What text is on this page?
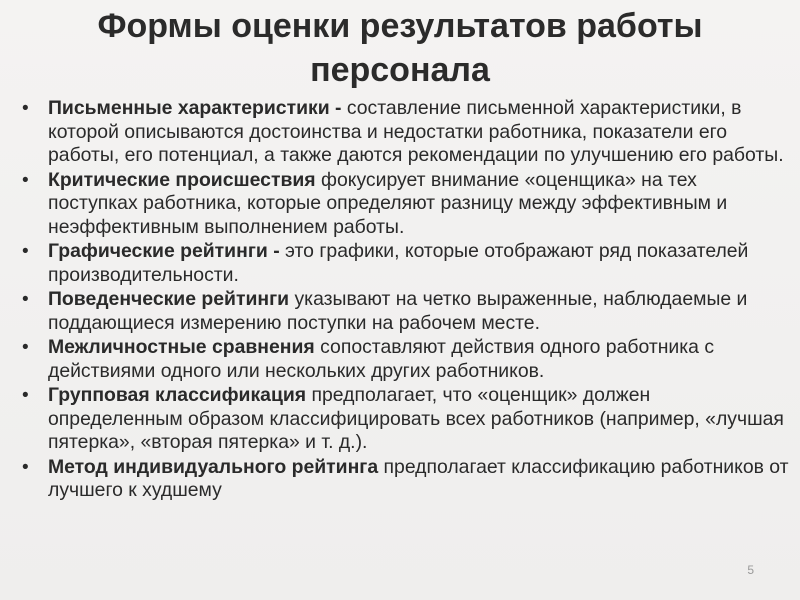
Формы оценки результатов работы персонала
• Письменные характеристики - составление письменной характеристики, в которой описываются достоинства и недостатки работника, показатели его работы, его потенциал, а также даются рекомендации по улучшению его работы.
• Критические происшествия фокусирует внимание «оценщика» на тех поступках работника, которые определяют разницу между эффективным и неэффективным выполнением работы.
• Графические рейтинги - это графики, которые отображают ряд показателей производительности.
• Поведенческие рейтинги указывают на четко выраженные, наблюдаемые и поддающиеся измерению поступки на рабочем месте.
• Межличностные сравнения сопоставляют действия одного работника с действиями одного или нескольких других работников.
• Групповая классификация предполагает, что «оценщик» должен определенным образом классифицировать всех работников (например, «лучшая пятерка», «вторая пятерка» и т. д.).
• Метод индивидуального рейтинга предполагает классификацию работников от лучшего к худшему
5
